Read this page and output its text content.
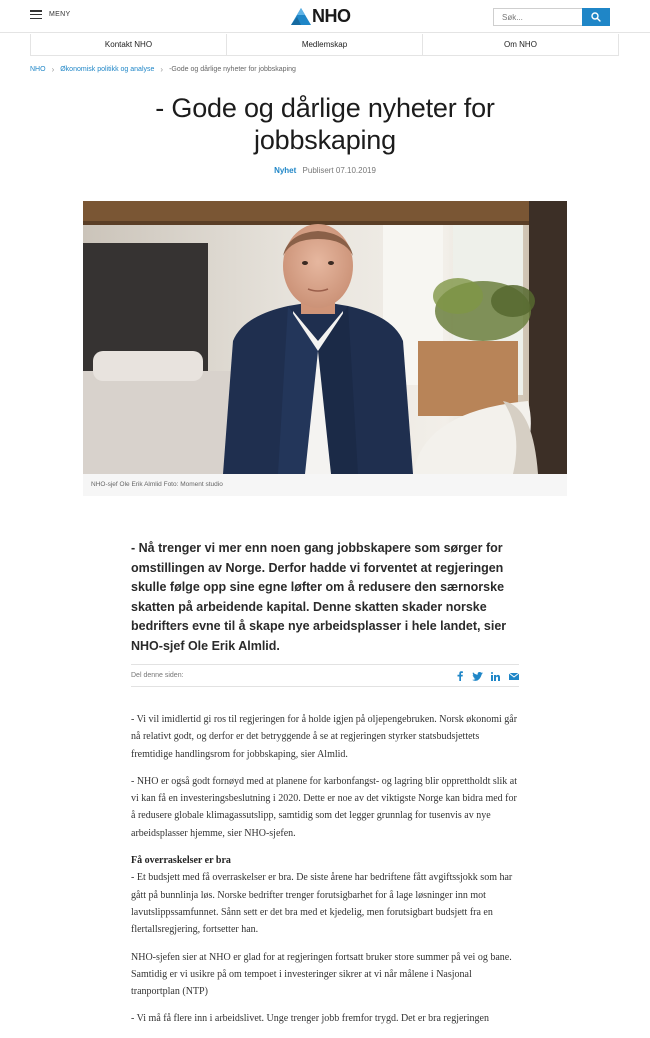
MENY	NHO
Søk...
Kontakt NHO	Medlemskap	Om NHO
NHO › Økonomisk politikk og analyse › -Gode og dårlige nyheter for jobbskaping
- Gode og dårlige nyheter for jobbskaping
Nyhet Publisert 07.10.2019
NHO-sjef Ole Erik Almlid Foto: Moment studio

- Nå trenger vi mer enn noen gang jobbskapere som sørger for omstillingen av Norge. Derfor hadde vi forventet at regjeringen skulle følge opp sine egne løfter om å redusere den særnorske skatten på arbeidende kapital. Denne skatten skader norske bedrifters evne til å skape nye arbeidsplasser i hele landet, sier NHO-sjef Ole Erik Almlid.

Del denne siden:

- Vi vil imidlertid gi ros til regjeringen for å holde igjen på oljepengebruken. Norsk økonomi går nå relativt godt, og derfor er det betryggende å se at regjeringen styrker statsbudsjettets fremtidige handlingsrom for jobbskaping, sier Almlid.

- NHO er også godt fornøyd med at planene for karbonfangst- og lagring blir opprettholdt slik at vi kan få en investeringsbeslutning i 2020. Dette er noe av det viktigste Norge kan bidra med for å redusere globale klimagassutslipp, samtidig som det legger grunnlag for tusenvis av nye arbeidsplasser hjemme, sier NHO-sjefen.

Få overraskelser er bra
- Et budsjett med få overraskelser er bra. De siste årene har bedriftene fått avgiftssjokk som har gått på bunnlinja løs. Norske bedrifter trenger forutsigbarhet for å lage løsninger inn mot lavutslippssamfunnet. Sånn sett er det bra med et kjedelig, men forutsigbart budsjett fra en flertallsregjering, fortsetter han.

NHO-sjefen sier at NHO er glad for at regjeringen fortsatt bruker store summer på vei og bane. Samtidig er vi usikre på om tempoet i investeringer sikrer at vi når målene i Nasjonal tranportplan (NTP)

- Vi må få flere inn i arbeidslivet. Unge trenger jobb fremfor trygd. Det er bra regjeringen
